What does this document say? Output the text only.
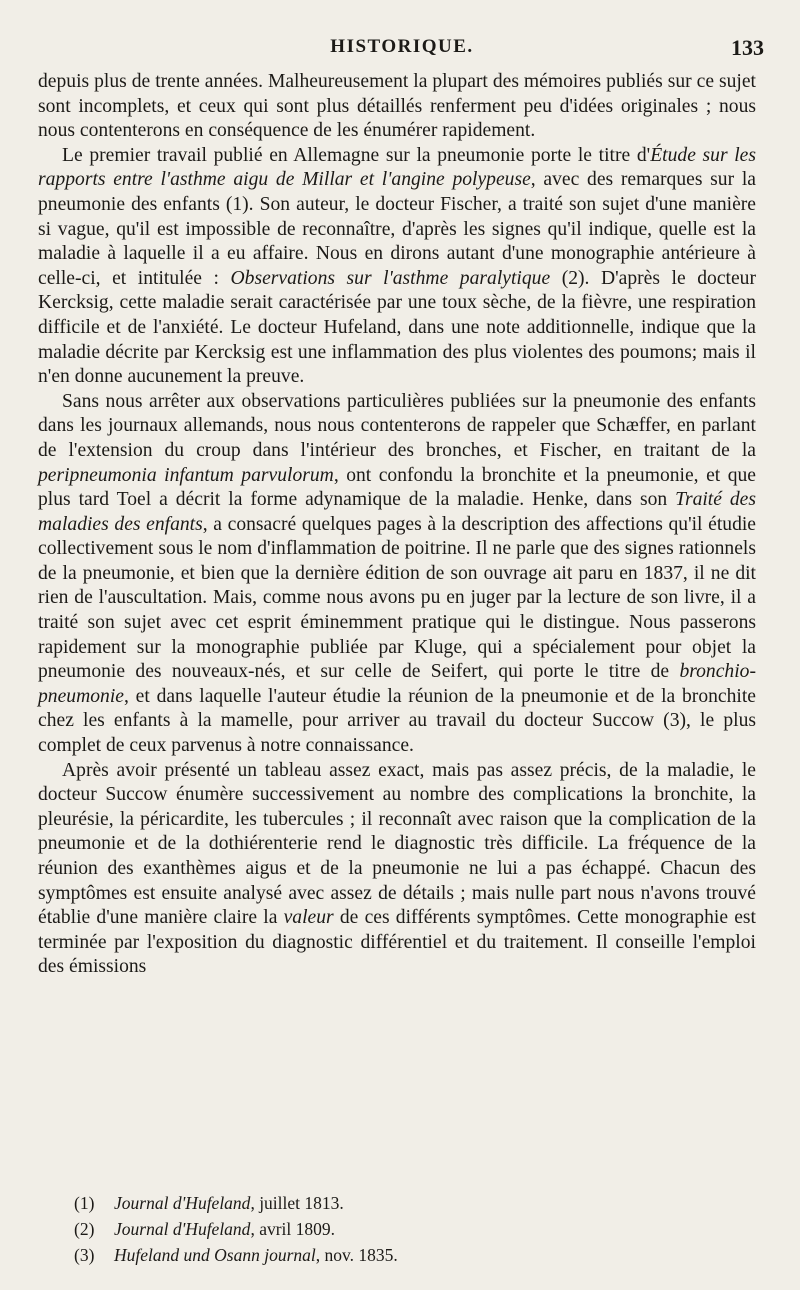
HISTORIQUE.	133

depuis plus de trente années. Malheureusement la plupart des mémoires publiés sur ce sujet sont incomplets, et ceux qui sont plus détaillés renferment peu d'idées originales ; nous nous contenterons en conséquence de les énumérer rapidement.

Le premier travail publié en Allemagne sur la pneumonie porte le titre d'Étude sur les rapports entre l'asthme aigu de Millar et l'angine polypeuse, avec des remarques sur la pneumonie des enfants (1). Son auteur, le docteur Fischer, a traité son sujet d'une manière si vague, qu'il est impossible de reconnaître, d'après les signes qu'il indique, quelle est la maladie à laquelle il a eu affaire. Nous en dirons autant d'une monographie antérieure à celle-ci, et intitulée : Observations sur l'asthme paralytique (2). D'après le docteur Kercksig, cette maladie serait caractérisée par une toux sèche, de la fièvre, une respiration difficile et de l'anxiété. Le docteur Hufeland, dans une note additionnelle, indique que la maladie décrite par Kercksig est une inflammation des plus violentes des poumons; mais il n'en donne aucunement la preuve.

Sans nous arrêter aux observations particulières publiées sur la pneumonie des enfants dans les journaux allemands, nous nous contenterons de rappeler que Schæffer, en parlant de l'extension du croup dans l'intérieur des bronches, et Fischer, en traitant de la peripneumonia infantum parvulorum, ont confondu la bronchite et la pneumonie, et que plus tard Toel a décrit la forme adynamique de la maladie. Henke, dans son Traité des maladies des enfants, a consacré quelques pages à la description des affections qu'il étudie collectivement sous le nom d'inflammation de poitrine. Il ne parle que des signes rationnels de la pneumonie, et bien que la dernière édition de son ouvrage ait paru en 1837, il ne dit rien de l'auscultation. Mais, comme nous avons pu en juger par la lecture de son livre, il a traité son sujet avec cet esprit éminemment pratique qui le distingue. Nous passerons rapidement sur la monographie publiée par Kluge, qui a spécialement pour objet la pneumonie des nouveaux-nés, et sur celle de Seifert, qui porte le titre de bronchio-pneumonie, et dans laquelle l'auteur étudie la réunion de la pneumonie et de la bronchite chez les enfants à la mamelle, pour arriver au travail du docteur Succow (3), le plus complet de ceux parvenus à notre connaissance.

Après avoir présenté un tableau assez exact, mais pas assez précis, de la maladie, le docteur Succow énumère successivement au nombre des complications la bronchite, la pleurésie, la péricardite, les tubercules ; il reconnaît avec raison que la complication de la pneumonie et de la dothiérenterie rend le diagnostic très difficile. La fréquence de la réunion des exanthèmes aigus et de la pneumonie ne lui a pas échappé. Chacun des symptômes est ensuite analysé avec assez de détails ; mais nulle part nous n'avons trouvé établie d'une manière claire la valeur de ces différents symptômes. Cette monographie est terminée par l'exposition du diagnostic différentiel et du traitement. Il conseille l'emploi des émissions

(1) Journal d'Hufeland, juillet 1813.

(2) Journal d'Hufeland, avril 1809.

(3) Hufeland und Osann journal, nov. 1835.
